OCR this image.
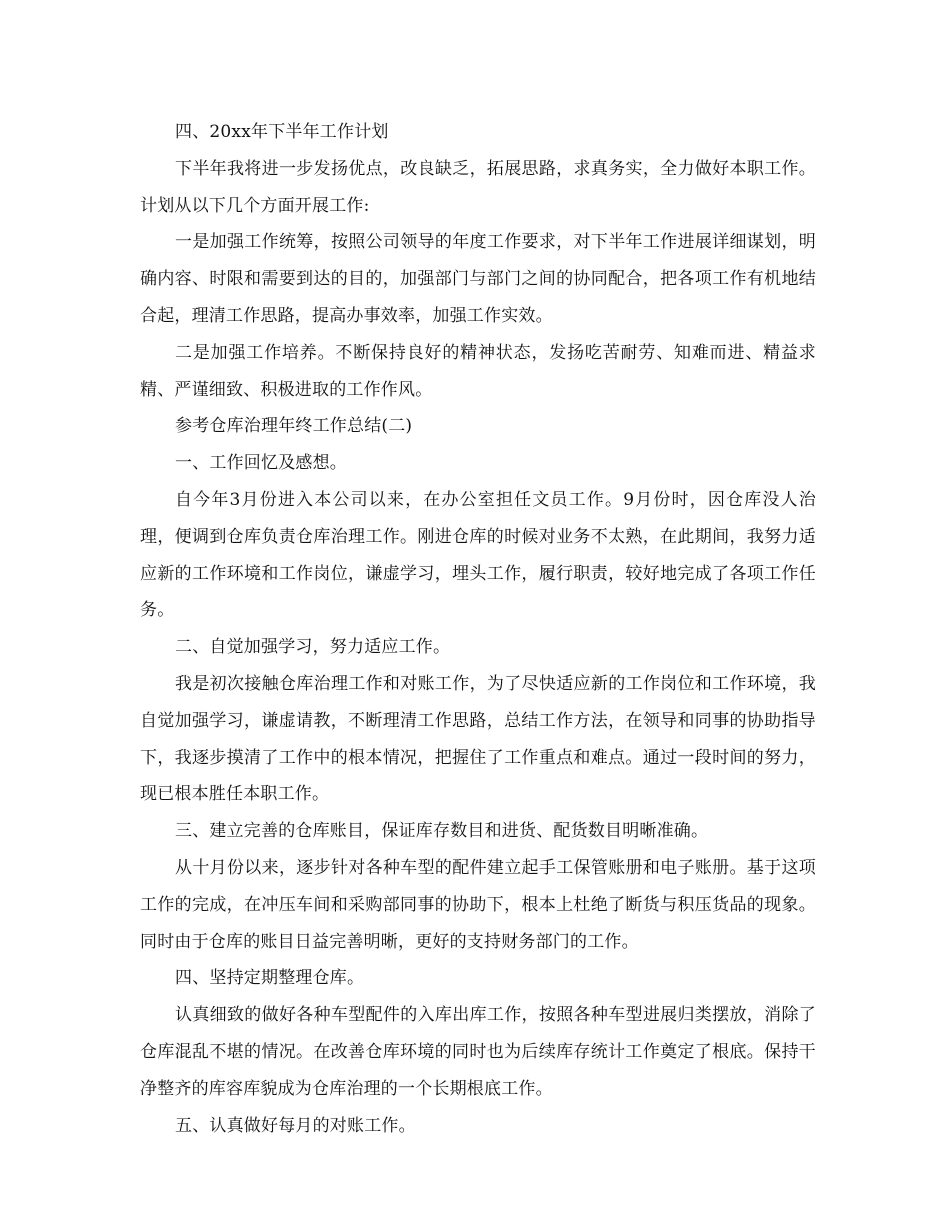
四、20xx年下半年工作计划

下半年我将进一步发扬优点，改良缺乏，拓展思路，求真务实，全力做好本职工作。计划从以下几个方面开展工作:

一是加强工作统筹，按照公司领导的年度工作要求，对下半年工作进展详细谋划，明确内容、时限和需要到达的目的，加强部门与部门之间的协同配合，把各项工作有机地结合起，理清工作思路，提高办事效率，加强工作实效。

二是加强工作培养。不断保持良好的精神状态，发扬吃苦耐劳、知难而进、精益求精、严谨细致、积极进取的工作作风。

参考仓库治理年终工作总结(二)

一、工作回忆及感想。

自今年3月份进入本公司以来，在办公室担任文员工作。9月份时，因仓库没人治理，便调到仓库负责仓库治理工作。刚进仓库的时候对业务不太熟，在此期间，我努力适应新的工作环境和工作岗位，谦虚学习，埋头工作，履行职责，较好地完成了各项工作任务。

二、自觉加强学习，努力适应工作。

我是初次接触仓库治理工作和对账工作，为了尽快适应新的工作岗位和工作环境，我自觉加强学习，谦虚请教，不断理清工作思路，总结工作方法，在领导和同事的协助指导下，我逐步摸清了工作中的根本情况，把握住了工作重点和难点。通过一段时间的努力，现已根本胜任本职工作。

三、建立完善的仓库账目，保证库存数目和进货、配货数目明晰准确。

从十月份以来，逐步针对各种车型的配件建立起手工保管账册和电子账册。基于这项工作的完成，在冲压车间和采购部同事的协助下，根本上杜绝了断货与积压货品的现象。同时由于仓库的账目日益完善明晰，更好的支持财务部门的工作。

四、坚持定期整理仓库。

认真细致的做好各种车型配件的入库出库工作，按照各种车型进展归类摆放，消除了仓库混乱不堪的情况。在改善仓库环境的同时也为后续库存统计工作奠定了根底。保持干净整齐的库容库貌成为仓库治理的一个长期根底工作。

五、认真做好每月的对账工作。
